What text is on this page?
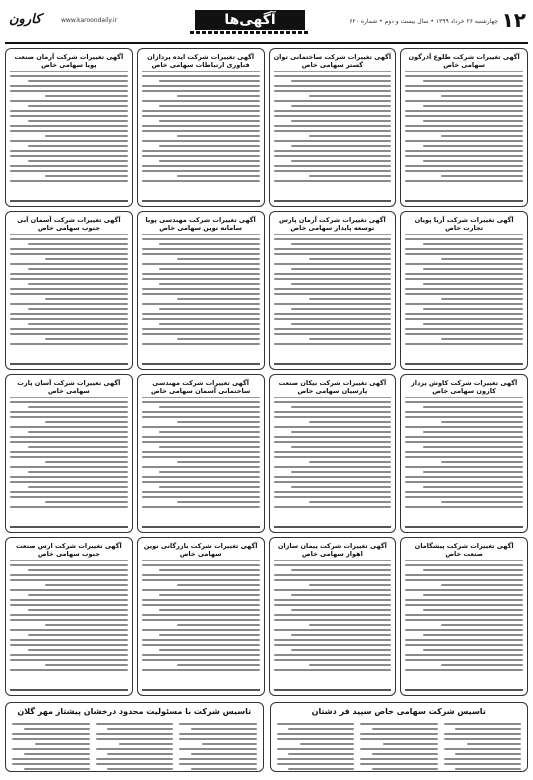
۱۲
چهارشنبه ۲۶ خرداد ۱۳۹۹ • سال بیست و دوم • شماره ۶۲۰
آگهی‌ها
کارون	www.karoondaily.ir
آگهی تغییرات شرکت طلوع آذرگون سهامی خاص
آگهی تغییرات شرکت ساختمانی توان گستر سهامی خاص
آگهی تغییرات شرکت ایده پردازان فناوری ارتباطات سهامی خاص
آگهی تغییرات شرکت آرمان صنعت پویا سهامی خاص
آگهی تغییرات شرکت آریا پویان تجارت خاص
آگهی تغییرات شرکت آرمان پارس توسعه پایدار سهامی خاص
آگهی تغییرات شرکت مهندسی پویا سامانه نوین سهامی خاص
آگهی تغییرات شرکت آسمان آبی جنوب سهامی خاص
آگهی تغییرات شرکت کاوش پرداز کارون سهامی خاص
آگهی تغییرات شرکت نیکان صنعت پارسیان سهامی خاص
آگهی تغییرات شرکت مهندسی ساختمانی آسمان سهامی خاص
آگهی تغییرات شرکت آسان پارت سهامی خاص
آگهی تغییرات شرکت پیشگامان صنعت خاص
آگهی تغییرات شرکت پیمان سازان اهواز سهامی خاص
آگهی تغییرات شرکت بازرگانی نوین سهامی خاص
آگهی تغییرات شرکت ارس صنعت جنوب سهامی خاص
تاسیس شرکت سهامی خاص سپید فر دشتان
تاسیس شرکت با مسئولیت محدود درخشان پیشتاز مهر گلان
